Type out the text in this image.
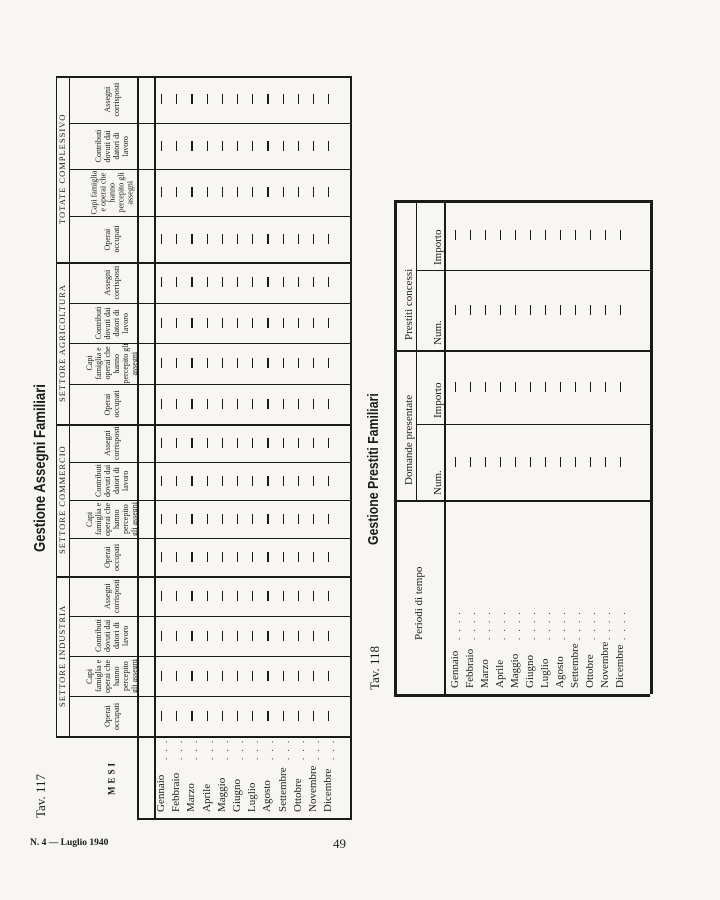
Tav. 117
Gestione Assegni Familiari
SETTORE INDUSTRIA
SETTORE COMMERCIO
SETTORE AGRICOLTURA
TOTATE COMPLESSIVO
Operai occupati
Capi famiglia e operai che hanno percepito gli assegni
Contributi dovuti dai datori di lavoro
Assegni corrisposti
Operai occupati
Capi famiglia e operai che hanno percepito gli assegni
Contributi dovuti dai datori di lavoro
Assegni corrisposti
Operai occupati
Capi famiglia e operai che hanno percepito gli assegni
Contributi dovuti dai datori di lavoro
Assegni corrisposti
Operai occupati
Capi famiglia e operai che hanno percepito gli assegni
Contributi dovuti dai datori di lavoro
Assegni corrisposti
MESI	Gennaio
. . .
Febbraio
. . .
Marzo
. . .
Aprile
. . .
Maggio
. . .
Giugno
. . .
Luglio
. . .
Agosto
. . .
Settembre
. . .
Ottobre
. . .
Novembre
. . .
Dicembre
. . .
Tav. 118
Gestione Prestiti Familiari
Periodi di tempo
Domande presentate
Prestiti concessi
Num.
Importo
Num.
Importo
Gennaio
. . . .
Febbraio
. . . .
Marzo
. . . .
Aprile
. . . .
Maggio
. . . .
Giugno
. . . .
Luglio
. . . .
Agosto
. . . .
Settembre
. . . .
Ottobre
. . . .
Novembre
. . . .
Dicembre
. . . .
N. 4 — Luglio 1940	49
